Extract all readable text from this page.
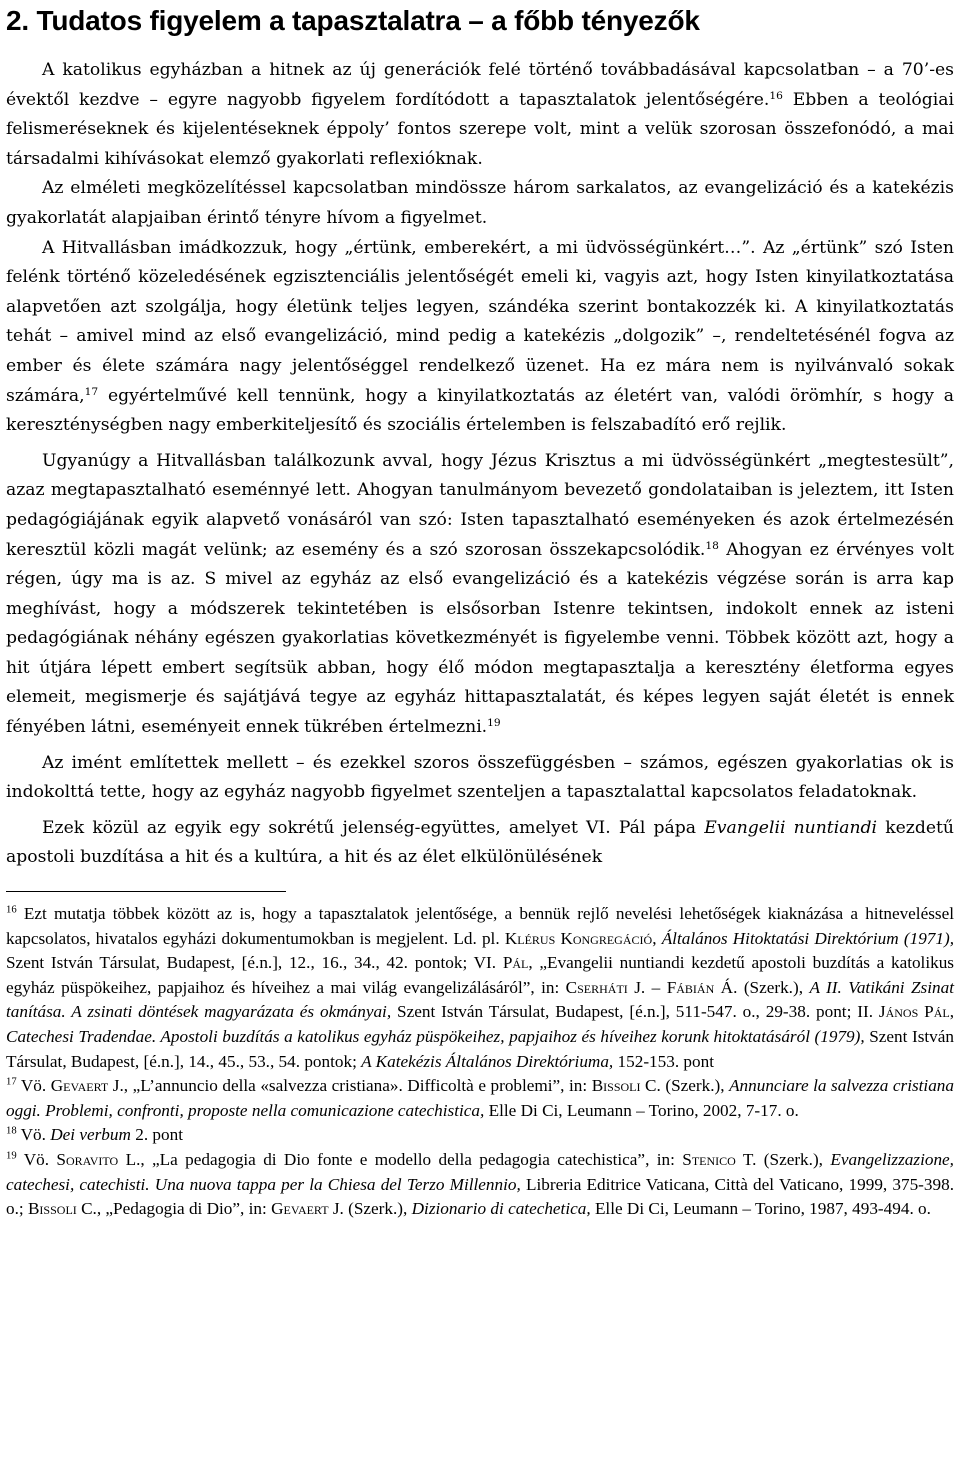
2. Tudatos figyelem a tapasztalatra – a főbb tényezők

A katolikus egyházban a hitnek az új generációk felé történő továbbadásával kapcsolatban – a 70’-es évektől kezdve – egyre nagyobb figyelem fordítódott a tapasztalatok jelentőségére.$^{16}$ Ebben a teológiai felismeréseknek és kijelentéseknek éppoly’ fontos szerepe volt, mint a velük szorosan összefonódó, a mai társadalmi kihívásokat elemző gyakorlati reflexióknak.

Az elméleti megközelítéssel kapcsolatban mindössze három sarkalatos, az evangelizáció és a katekézis gyakorlatát alapjaiban érintő tényre hívom a figyelmet.

A Hitvallásban imádkozzuk, hogy „értünk, emberekért, a mi üdvösségünkért…”. Az „értünk” szó Isten felénk történő közeledésének egzisztenciális jelentőségét emeli ki, vagyis azt, hogy Isten kinyilatkoztatása alapvetően azt szolgálja, hogy életünk teljes legyen, szándéka szerint bontakozzék ki. A kinyilatkoztatás tehát – amivel mind az első evangelizáció, mind pedig a katekézis „dolgozik” –, rendeltetésénél fogva az ember és élete számára nagy jelentőséggel rendelkező üzenet. Ha ez mára nem is nyilvánvaló sokak számára,$^{17}$ egyértelművé kell tennünk, hogy a kinyilatkoztatás az életért van, valódi örömhír, s hogy a kereszténységben nagy emberkiteljesítő és szociális értelemben is felszabadító erő rejlik.

Ugyanúgy a Hitvallásban találkozunk avval, hogy Jézus Krisztus a mi üdvösségünkért „megtestesült”, azaz megtapasztalható eseménnyé lett. Ahogyan tanulmányom bevezető gondolataiban is jeleztem, itt Isten pedagógiájának egyik alapvető vonásáról van szó: Isten tapasztalható eseményeken és azok értelmezésén keresztül közli magát velünk; az esemény és a szó szorosan összekapcsolódik.$^{18}$ Ahogyan ez érvényes volt régen, úgy ma is az. S mivel az egyház az első evangelizáció és a katekézis végzése során is arra kap meghívást, hogy a módszerek tekintetében is elsősorban Istenre tekintsen, indokolt ennek az isteni pedagógiának néhány egészen gyakorlatias következményét is figyelembe venni. Többek között azt, hogy a hit útjára lépett embert segítsük abban, hogy élő módon megtapasztalja a keresztény életforma egyes elemeit, megismerje és sajátjává tegye az egyház hittapasztalatát, és képes legyen saját életét is ennek fényében látni, eseményeit ennek tükrében értelmezni.$^{19}$

Az imént említettek mellett – és ezekkel szoros összefüggésben – számos, egészen gyakorlatias ok is indokolttá tette, hogy az egyház nagyobb figyelmet szenteljen a tapasztalattal kapcsolatos feladatoknak.

Ezek közül az egyik egy sokrétű jelenség-együttes, amelyet VI. Pál pápa Evangelii nuntiandi kezdetű apostoli buzdítása a hit és a kultúra, a hit és az élet elkülönülésének

$^{16}$ Ezt mutatja többek között az is, hogy a tapasztalatok jelentősége, a bennük rejlő nevelési lehetőségek kiaknázása a hitneveléssel kapcsolatos, hivatalos egyházi dokumentumokban is megjelent. Ld. pl. Klérus Kongregáció, Általános Hitoktatási Direktórium (1971), Szent István Társulat, Budapest, [é.n.], 12., 16., 34., 42. pontok; VI. Pál, „Evangelii nuntiandi kezdetű apostoli buzdítás a katolikus egyház püspökeihez, papjaihoz és híveihez a mai világ evangelizálásáról”, in: Cserháti J. – Fábián Á. (Szerk.), A II. Vatikáni Zsinat tanítása. A zsinati döntések magyarázata és okmányai, Szent István Társulat, Budapest, [é.n.], 511-547. o., 29-38. pont; II. János Pál, Catechesi Tradendae. Apostoli buzdítás a katolikus egyház püspökeihez, papjaihoz és híveihez korunk hitoktatásáról (1979), Szent István Társulat, Budapest, [é.n.], 14., 45., 53., 54. pontok; A Katekézis Általános Direktóriuma, 152-153. pont

$^{17}$ Vö. Gevaert J., „L’annuncio della «salvezza cristiana». Difficoltà e problemi”, in: Bissoli C. (Szerk.), Annunciare la salvezza cristiana oggi. Problemi, confronti, proposte nella comunicazione catechistica, Elle Di Ci, Leumann – Torino, 2002, 7-17. o.

$^{18}$ Vö. Dei verbum 2. pont

$^{19}$ Vö. Soravito L., „La pedagogia di Dio fonte e modello della pedagogia catechistica”, in: Stenico T. (Szerk.), Evangelizzazione, catechesi, catechisti. Una nuova tappa per la Chiesa del Terzo Millennio, Libreria Editrice Vaticana, Città del Vaticano, 1999, 375-398. o.; Bissoli C., „Pedagogia di Dio”, in: Gevaert J. (Szerk.), Dizionario di catechetica, Elle Di Ci, Leumann – Torino, 1987, 493-494. o.
